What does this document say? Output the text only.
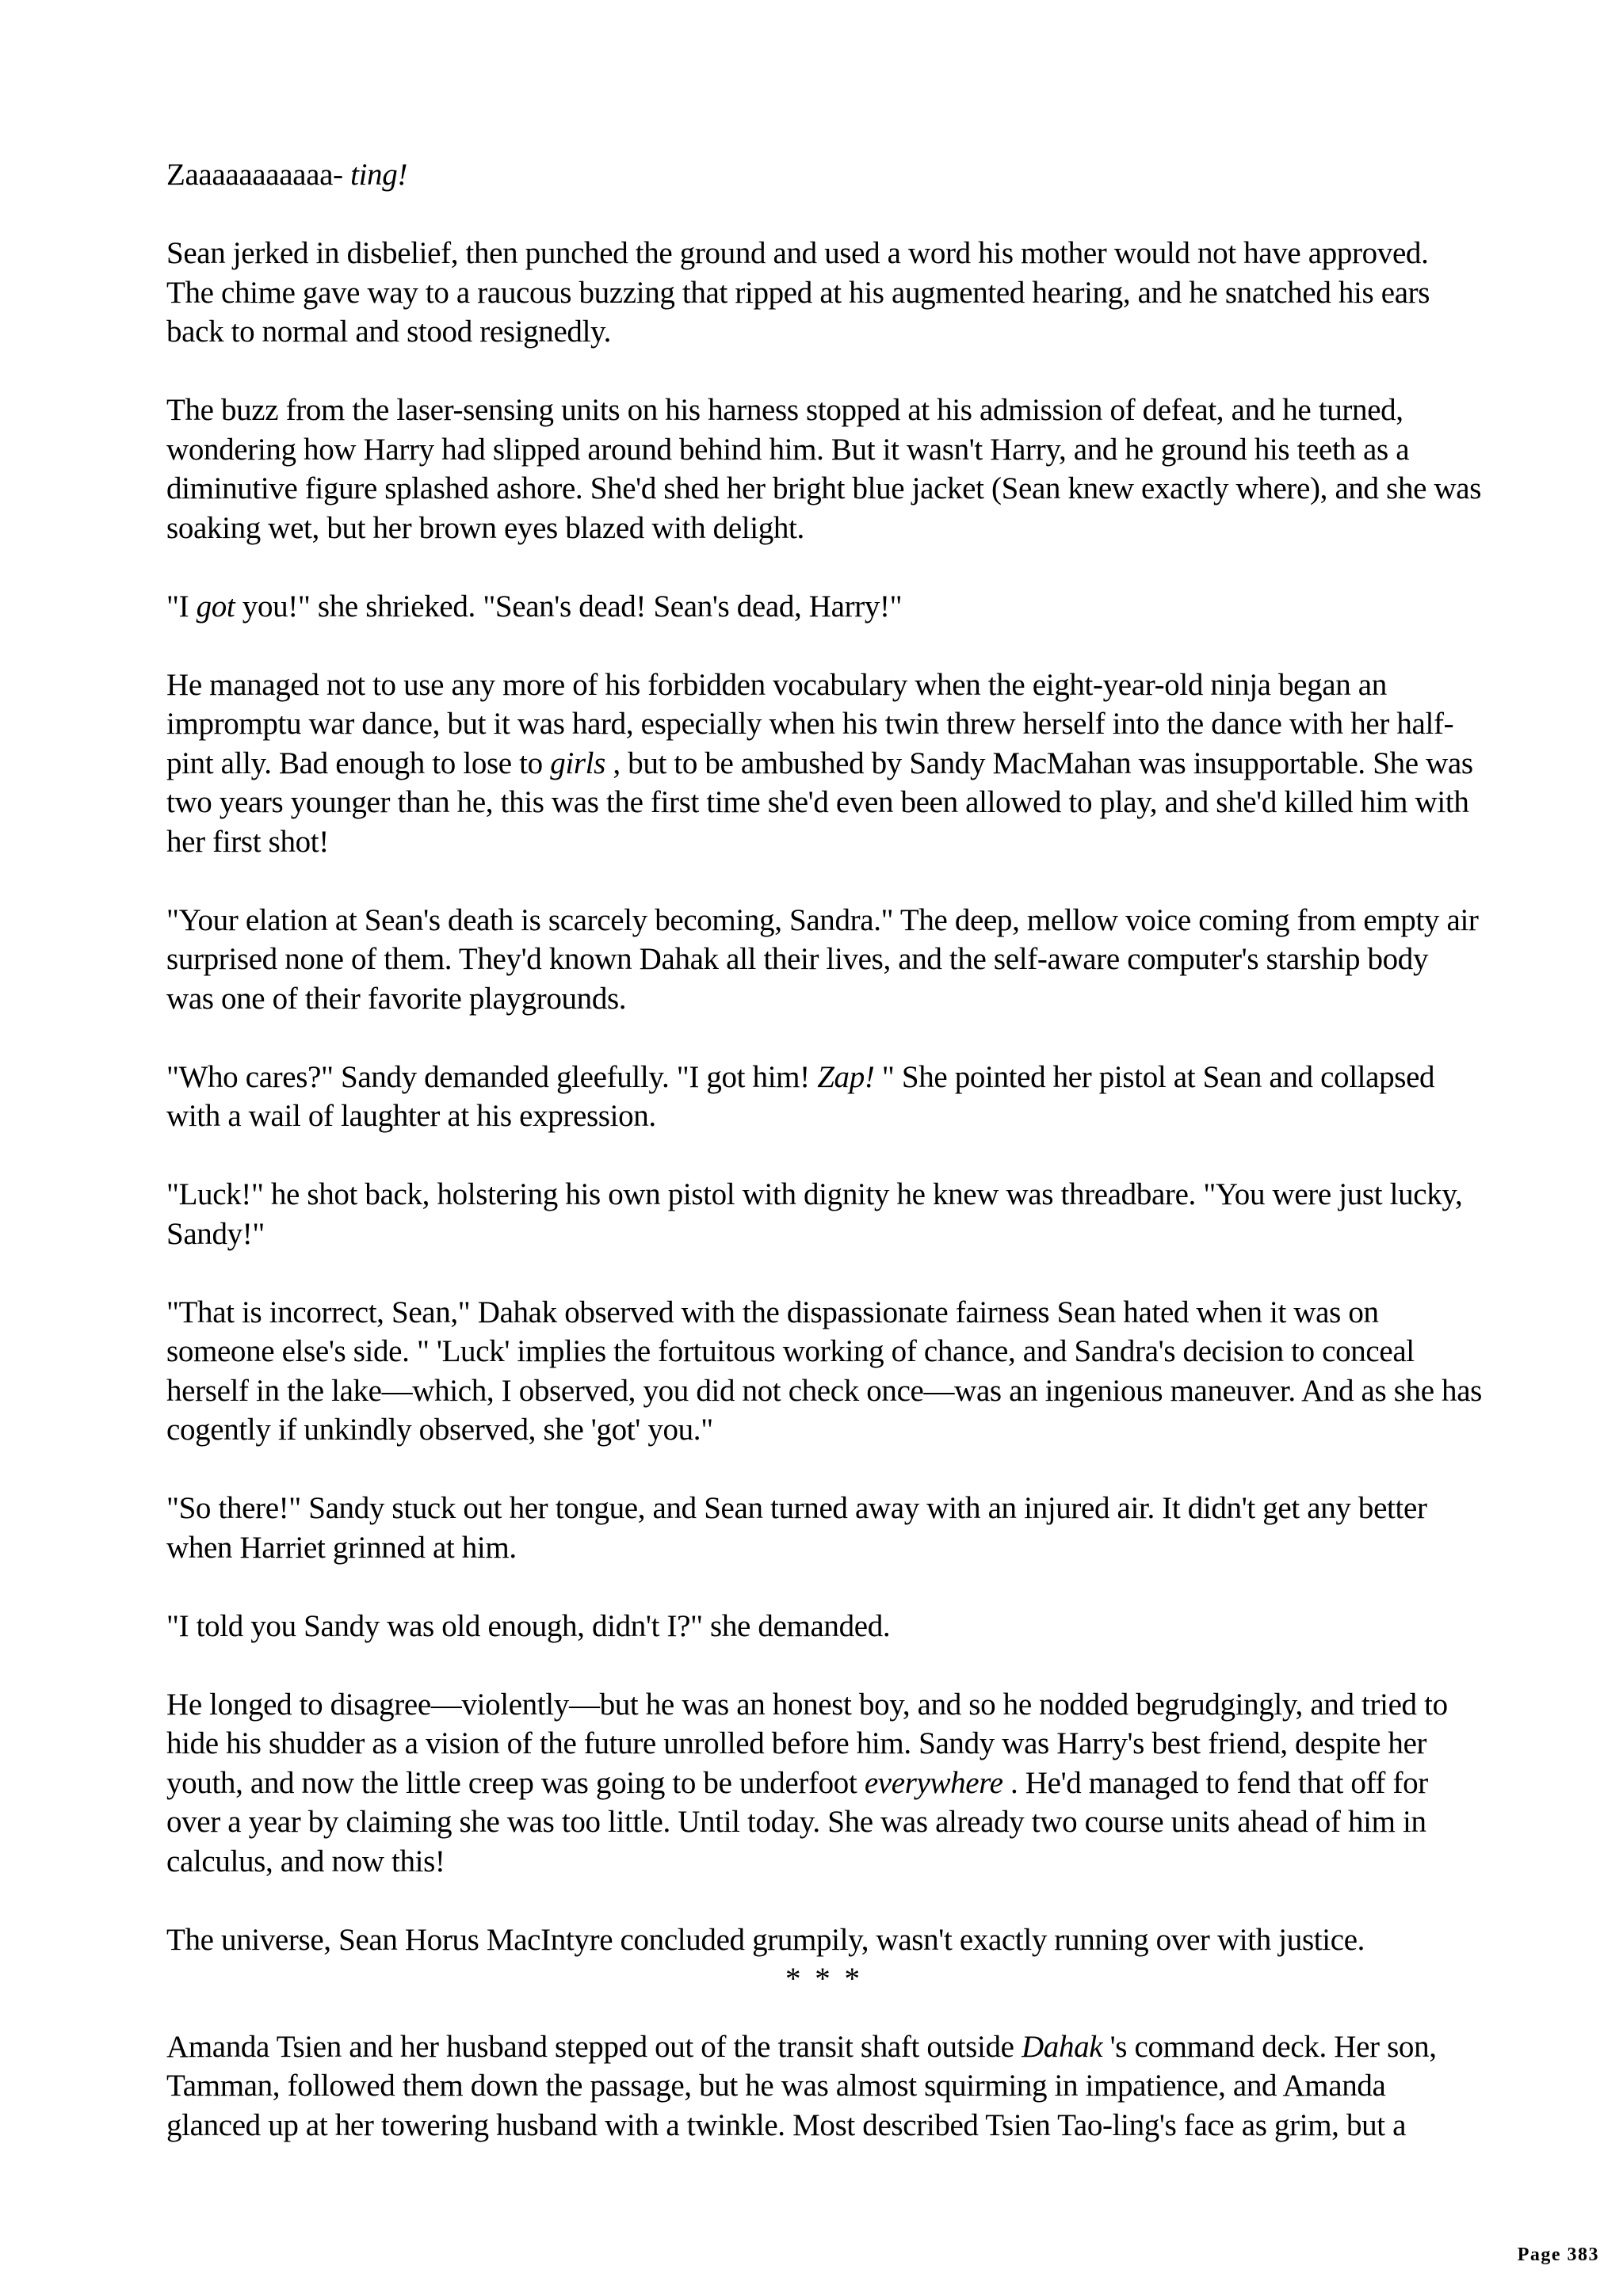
Zaaaaaaaaaaa- ting!

Sean jerked in disbelief, then punched the ground and used a word his mother would not have approved. The chime gave way to a raucous buzzing that ripped at his augmented hearing, and he snatched his ears back to normal and stood resignedly.

The buzz from the laser-sensing units on his harness stopped at his admission of defeat, and he turned, wondering how Harry had slipped around behind him. But it wasn't Harry, and he ground his teeth as a diminutive figure splashed ashore. She'd shed her bright blue jacket (Sean knew exactly where), and she was soaking wet, but her brown eyes blazed with delight.

"I got you!" she shrieked. "Sean's dead! Sean's dead, Harry!"

He managed not to use any more of his forbidden vocabulary when the eight-year-old ninja began an impromptu war dance, but it was hard, especially when his twin threw herself into the dance with her half-pint ally. Bad enough to lose to girls , but to be ambushed by Sandy MacMahan was insupportable. She was two years younger than he, this was the first time she'd even been allowed to play, and she'd killed him with her first shot!

"Your elation at Sean's death is scarcely becoming, Sandra." The deep, mellow voice coming from empty air surprised none of them. They'd known Dahak all their lives, and the self-aware computer's starship body was one of their favorite playgrounds.

"Who cares?" Sandy demanded gleefully. "I got him! Zap! " She pointed her pistol at Sean and collapsed with a wail of laughter at his expression.

"Luck!" he shot back, holstering his own pistol with dignity he knew was threadbare. "You were just lucky, Sandy!"

"That is incorrect, Sean," Dahak observed with the dispassionate fairness Sean hated when it was on someone else's side. " 'Luck' implies the fortuitous working of chance, and Sandra's decision to conceal herself in the lake—which, I observed, you did not check once—was an ingenious maneuver. And as she has cogently if unkindly observed, she 'got' you."

"So there!" Sandy stuck out her tongue, and Sean turned away with an injured air. It didn't get any better when Harriet grinned at him.

"I told you Sandy was old enough, didn't I?" she demanded.

He longed to disagree—violently—but he was an honest boy, and so he nodded begrudgingly, and tried to hide his shudder as a vision of the future unrolled before him. Sandy was Harry's best friend, despite her youth, and now the little creep was going to be underfoot everywhere . He'd managed to fend that off for over a year by claiming she was too little. Until today. She was already two course units ahead of him in calculus, and now this!

The universe, Sean Horus MacIntyre concluded grumpily, wasn't exactly running over with justice.

* * *

Amanda Tsien and her husband stepped out of the transit shaft outside Dahak 's command deck. Her son, Tamman, followed them down the passage, but he was almost squirming in impatience, and Amanda glanced up at her towering husband with a twinkle. Most described Tsien Tao-ling's face as grim, but a

Page 383
